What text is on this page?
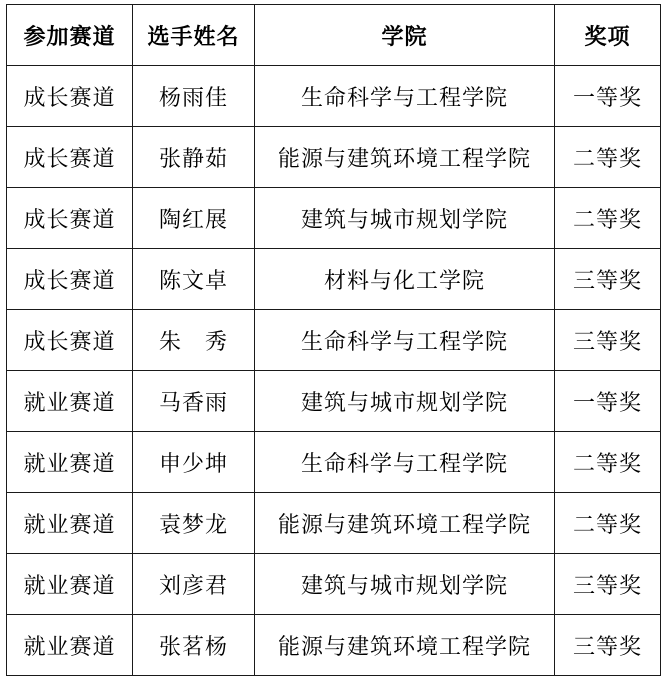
参加赛道	选手姓名	学院	奖项
成长赛道	杨雨佳	生命科学与工程学院	一等奖
成长赛道	张静茹	能源与建筑环境工程学院	二等奖
成长赛道	陶红展	建筑与城市规划学院	二等奖
成长赛道	陈文卓	材料与化工学院	三等奖
成长赛道	朱　秀	生命科学与工程学院	三等奖
就业赛道	马香雨	建筑与城市规划学院	一等奖
就业赛道	申少坤	生命科学与工程学院	二等奖
就业赛道	袁梦龙	能源与建筑环境工程学院	二等奖
就业赛道	刘彦君	建筑与城市规划学院	三等奖
就业赛道	张茗杨	能源与建筑环境工程学院	三等奖
